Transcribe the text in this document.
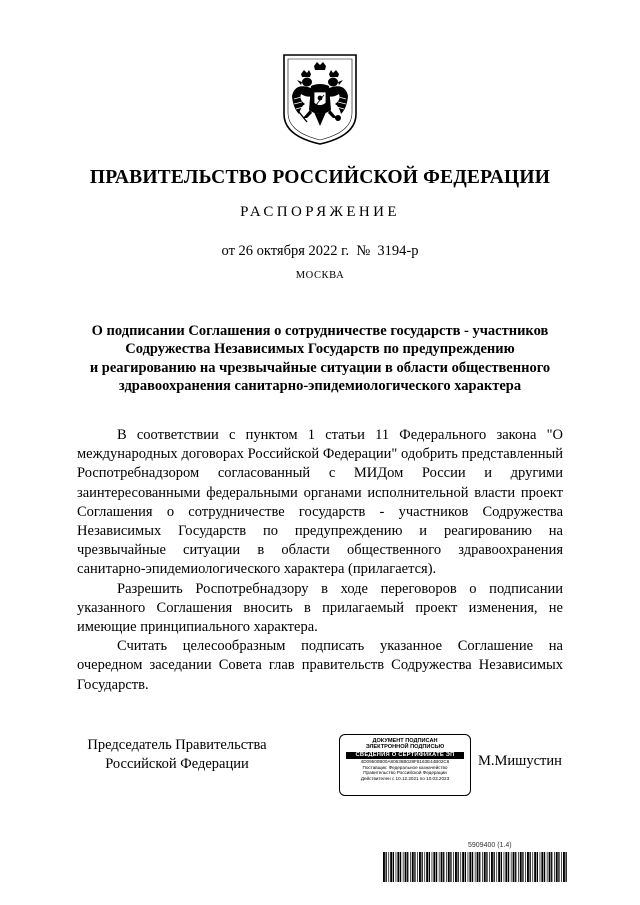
ПРАВИТЕЛЬСТВО РОССИЙСКОЙ ФЕДЕРАЦИИ
РАСПОРЯЖЕНИЕ
от 26 октября 2022 г.  №  3194-р
МОСКВА
О подписании Соглашения о сотрудничестве государств - участников
Содружества Независимых Государств по предупреждению
и реагированию на чрезвычайные ситуации в области общественного
здравоохранения санитарно-эпидемиологического характера

В соответствии с пунктом 1 статьи 11 Федерального закона "О международных договорах Российской Федерации" одобрить представленный Роспотребнадзором согласованный с МИДом России и другими заинтересованными федеральными органами исполнительной власти проект Соглашения о сотрудничестве государств - участников Содружества Независимых Государств по предупреждению и реагированию на чрезвычайные ситуации в области общественного здравоохранения санитарно-эпидемиологического характера (прилагается).

Разрешить Роспотребнадзору в ходе переговоров о подписании указанного Соглашения вносить в прилагаемый проект изменения, не имеющие принципиального характера.

Считать целесообразным подписать указанное Соглашение на очередном заседании Совета глав правительств Содружества Независимых Государств.

Председатель Правительства
Российской Федерации
ДОКУМЕНТ ПОДПИСАН
ЭЛЕКТРОННОЙ ПОДПИСЬЮ
СВЕДЕНИЯ О СЕРТИФИКАТЕ ЭП
4D09500B00A80636B028F8163E44B02C6
Поставщик: Федеральное казначейство
Правительство Российской Федерации
Действителен с 10.12.2021 по 10.03.2023
М.Мишустин
5909400 (1.4)
